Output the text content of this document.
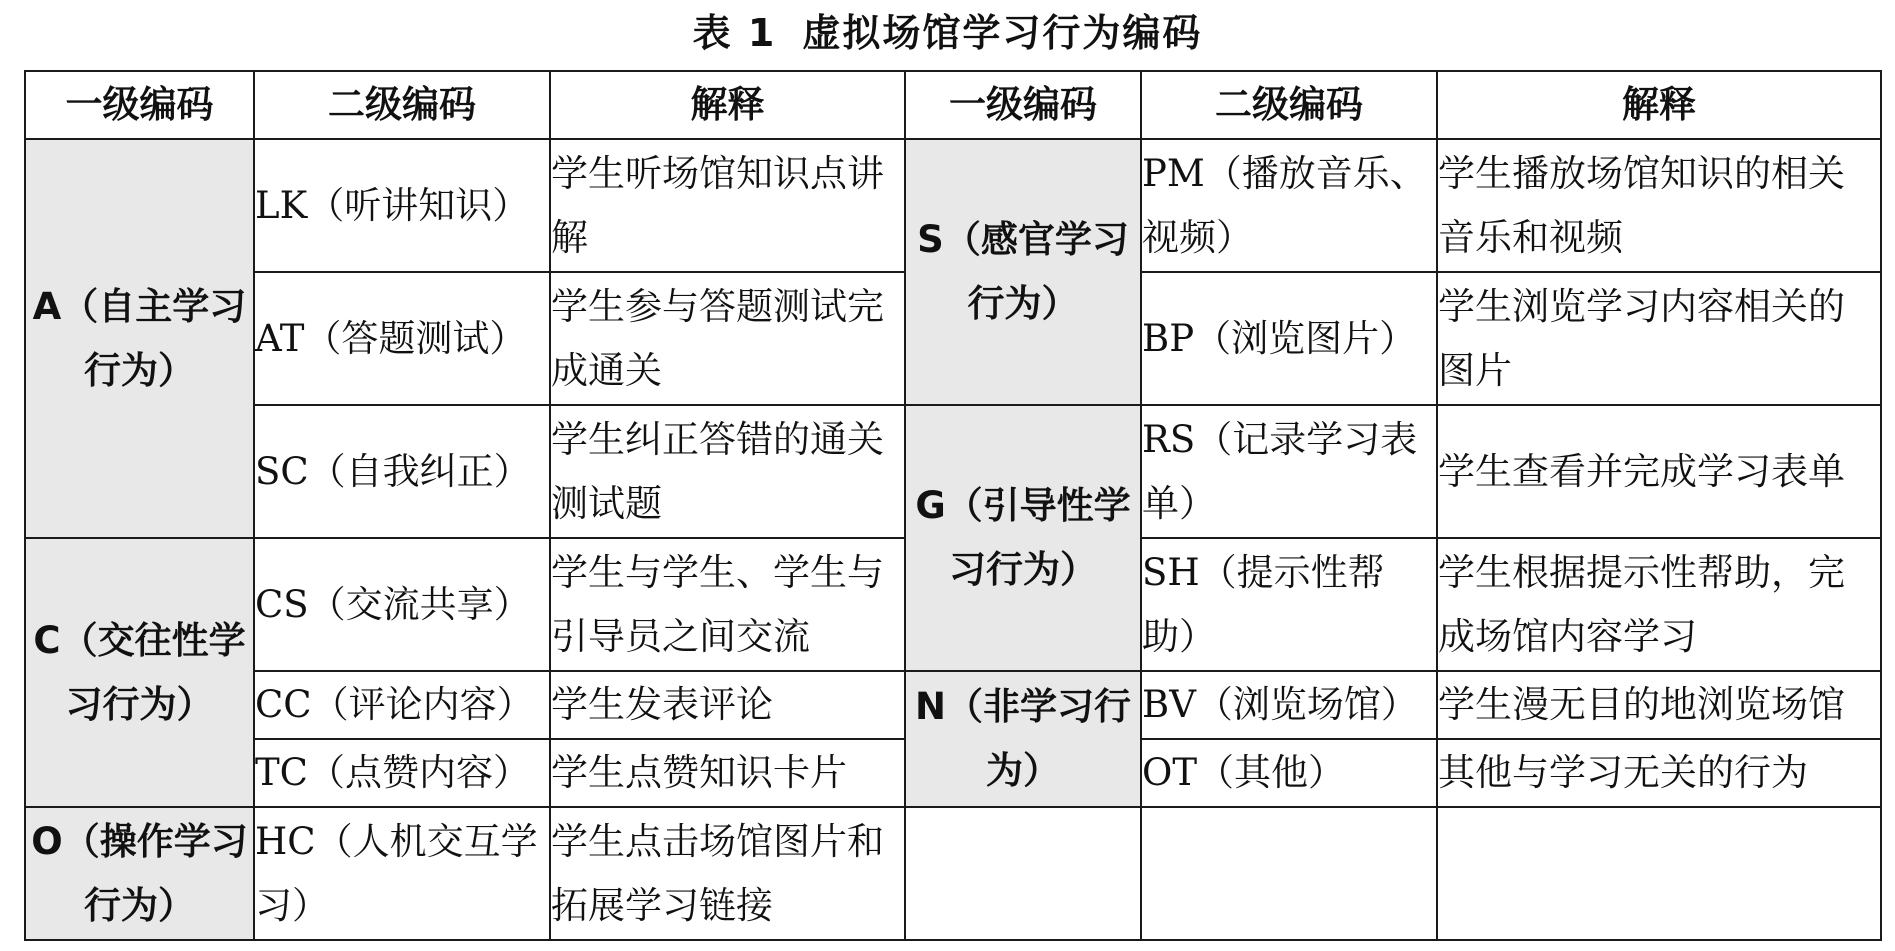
表 1 虚拟场馆学习行为编码
一级编码	二级编码	解释	一级编码	二级编码	解释
A（自主学习行为）	LK（听讲知识）	学生听场馆知识点讲解	S（感官学习行为）	PM（播放音乐、视频）	学生播放场馆知识的相关音乐和视频
	AT（答题测试）	学生参与答题测试完成通关		BP（浏览图片）	学生浏览学习内容相关的图片
	SC（自我纠正）	学生纠正答错的通关测试题	G（引导性学习行为）	RS（记录学习表单）	学生查看并完成学习表单
C（交往性学习行为）	CS（交流共享）	学生与学生、学生与引导员之间交流		SH（提示性帮助）	学生根据提示性帮助，完成场馆内容学习
	CC（评论内容）	学生发表评论	N（非学习行为）	BV（浏览场馆）	学生漫无目的地浏览场馆
	TC（点赞内容）	学生点赞知识卡片		OT（其他）	其他与学习无关的行为
O（操作学习行为）	HC（人机交互学习）	学生点击场馆图片和拓展学习链接			
